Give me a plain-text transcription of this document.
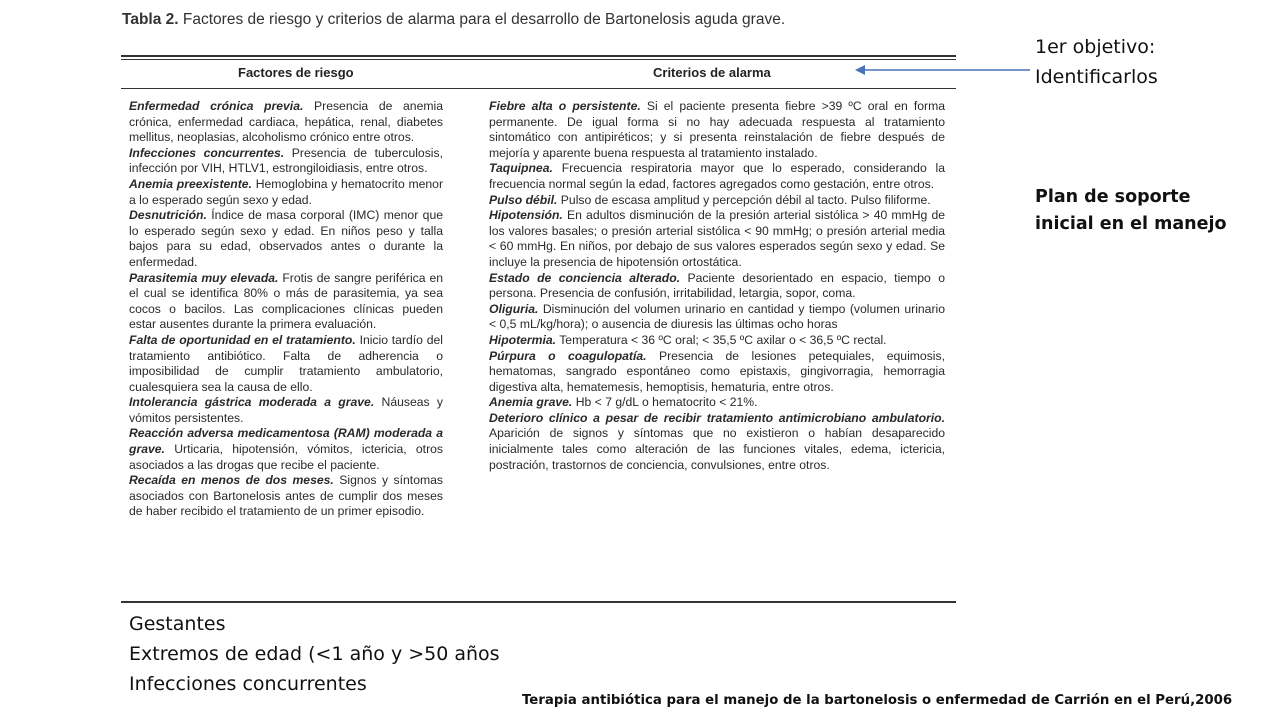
Tabla 2. Factores de riesgo y criterios de alarma para el desarrollo de Bartonelosis aguda grave.
Factores de riesgo	Criterios de alarma

Enfermedad crónica previa. Presencia de anemia crónica, enfermedad cardiaca, hepática, renal, diabetes mellitus, neoplasias, alcoholismo crónico entre otros.

Infecciones concurrentes. Presencia de tuberculosis, infección por VIH, HTLV1, estrongiloidiasis, entre otros.

Anemia preexistente. Hemoglobina y hematocrito menor a lo esperado según sexo y edad.

Desnutrición. Índice de masa corporal (IMC) menor que lo esperado según sexo y edad. En niños peso y talla bajos para su edad, observados antes o durante la enfermedad.

Parasitemia muy elevada. Frotis de sangre periférica en el cual se identifica 80% o más de parasitemia, ya sea cocos o bacilos. Las complicaciones clínicas pueden estar ausentes durante la primera evaluación.

Falta de oportunidad en el tratamiento. Inicio tardío del tratamiento antibiótico. Falta de adherencia o imposibilidad de cumplir tratamiento ambulatorio, cualesquiera sea la causa de ello.

Intolerancia gástrica moderada a grave. Náuseas y vómitos persistentes.

Reacción adversa medicamentosa (RAM) moderada a grave. Urticaria, hipotensión, vómitos, ictericia, otros asociados a las drogas que recibe el paciente.

Recaída en menos de dos meses. Signos y síntomas asociados con Bartonelosis antes de cumplir dos meses de haber recibido el tratamiento de un primer episodio.

Fiebre alta o persistente. Si el paciente presenta fiebre >39 ºC oral en forma permanente. De igual forma si no hay adecuada respuesta al tratamiento sintomático con antipiréticos; y si presenta reinstalación de fiebre después de mejoría y aparente buena respuesta al tratamiento instalado.

Taquipnea. Frecuencia respiratoria mayor que lo esperado, considerando la frecuencia normal según la edad, factores agregados como gestación, entre otros.

Pulso débil. Pulso de escasa amplitud y percepción débil al tacto. Pulso filiforme.

Hipotensión. En adultos disminución de la presión arterial sistólica > 40 mmHg de los valores basales; o presión arterial sistólica < 90 mmHg; o presión arterial media < 60 mmHg. En niños, por debajo de sus valores esperados según sexo y edad. Se incluye la presencia de hipotensión ortostática.

Estado de conciencia alterado. Paciente desorientado en espacio, tiempo o persona. Presencia de confusión, irritabilidad, letargia, sopor, coma.

Oliguria. Disminución del volumen urinario en cantidad y tiempo (volumen urinario < 0,5 mL/kg/hora); o ausencia de diuresis las últimas ocho horas

Hipotermia. Temperatura < 36 ºC oral; < 35,5 ºC axilar o < 36,5 ºC rectal.

Púrpura o coagulopatía. Presencia de lesiones petequiales, equimosis, hematomas, sangrado espontáneo como epistaxis, gingivorragia, hemorragia digestiva alta, hematemesis, hemoptisis, hematuria, entre otros.

Anemia grave. Hb < 7 g/dL o hematocrito < 21%.

Deterioro clínico a pesar de recibir tratamiento antimicrobiano ambulatorio. Aparición de signos y síntomas que no existieron o habían desaparecido inicialmente tales como alteración de las funciones vitales, edema, ictericia, postración, trastornos de conciencia, convulsiones, entre otros.

1er objetivo:
Identificarlos
Plan de soporte
inicial en el manejo
Gestantes
Extremos de edad (<1 año y >50 años
Infecciones concurrentes
Terapia antibiótica para el manejo de la bartonelosis o enfermedad de Carrión en el Perú,2006
